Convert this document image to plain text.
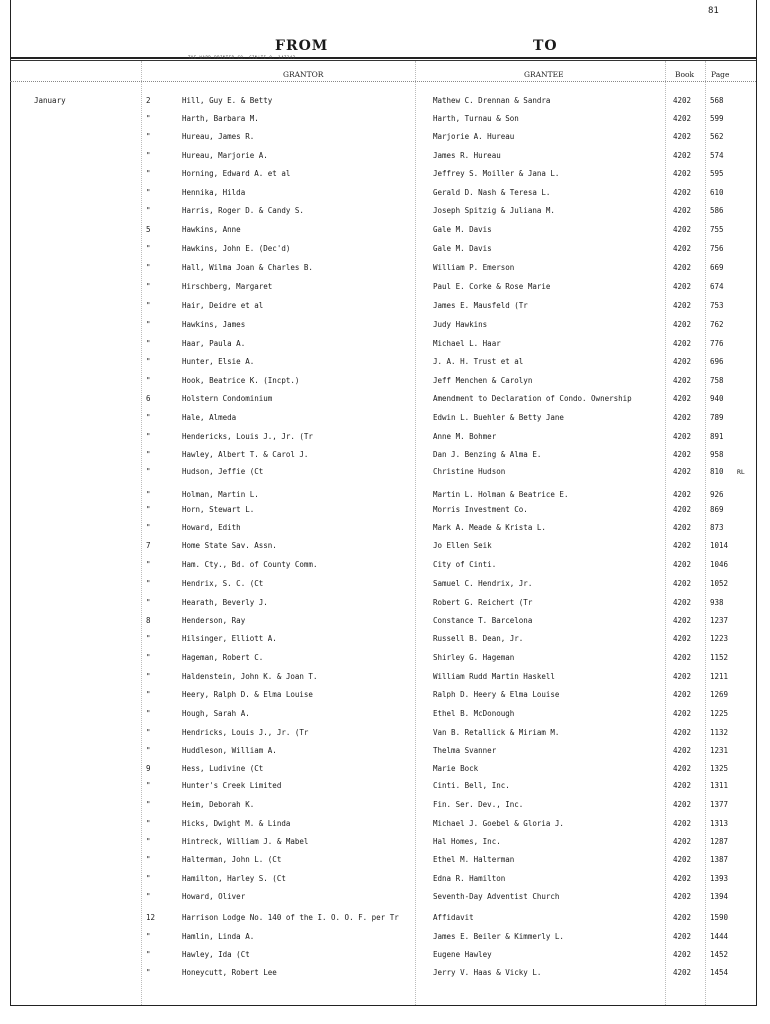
81
FROM	TO
THE WARD PRINTER CO. CIN'TI O. 147342
GRANTOR	GRANTEE	Book Page
January	2	Hill, Guy E. & Betty	Mathew C. Drennan & Sandra	4202	568
"	Harth, Barbara M.	Harth, Turnau & Son	4202	599
"	Hureau, James R.	Marjorie A. Hureau	4202	562
"	Hureau, Marjorie A.	James R. Hureau	4202	574
"	Horning, Edward A. et al	Jeffrey S. Moiller & Jana L.	4202	595
"	Hennika, Hilda	Gerald D. Nash & Teresa L.	4202	610
"	Harris, Roger D. & Candy S.	Joseph Spitzig & Juliana M.	4202	586
5	Hawkins, Anne	Gale M. Davis	4202	755
"	Hawkins, John E. (Dec'd)	Gale M. Davis	4202	756
"	Hall, Wilma Joan & Charles B.	William P. Emerson	4202	669
"	Hirschberg, Margaret	Paul E. Corke & Rose Marie	4202	674
"	Hair, Deidre et al	James E. Mausfeld (Tr	4202	753
"	Hawkins, James	Judy Hawkins	4202	762
"	Haar, Paula A.	Michael L. Haar	4202	776
"	Hunter, Elsie A.	J. A. H. Trust et al	4202	696
"	Hook, Beatrice K. (Incpt.)	Jeff Menchen & Carolyn	4202	758
6	Holstern Condominium	Amendment to Declaration of Condo. Ownership	4202	940
"	Hale, Almeda	Edwin L. Buehler & Betty Jane	4202	789
"	Hendericks, Louis J., Jr. (Tr	Anne M. Bohmer	4202	891
"	Hawley, Albert T. & Carol J.	Dan J. Benzing & Alma E.	4202	958
"	Hudson, Jeffie (Ct	Christine Hudson	4202	810 RL
"	Holman, Martin L.	Martin L. Holman & Beatrice E.	4202	926
"	Horn, Stewart L.	Morris Investment Co.	4202	869
"	Howard, Edith	Mark A. Meade & Krista L.	4202	873
7	Home State Sav. Assn.	Jo Ellen Seik	4202	1014
"	Ham. Cty., Bd. of County Comm.	City of Cinti.	4202	1046
"	Hendrix, S. C. (Ct	Samuel C. Hendrix, Jr.	4202	1052
"	Hearath, Beverly J.	Robert G. Reichert (Tr	4202	938
8	Henderson, Ray	Constance T. Barcelona	4202	1237
"	Hilsinger, Elliott A.	Russell B. Dean, Jr.	4202	1223
"	Hageman, Robert C.	Shirley G. Hageman	4202	1152
"	Haldenstein, John K. & Joan T.	William Rudd Martin Haskell	4202	1211
"	Heery, Ralph D. & Elma Louise	Ralph D. Heery & Elma Louise	4202	1269
"	Hough, Sarah A.	Ethel B. McDonough	4202	1225
"	Hendricks, Louis J., Jr. (Tr	Van B. Retallick & Miriam M.	4202	1132
"	Huddleson, William A.	Thelma Svanner	4202	1231
9	Hess, Ludivine (Ct	Marie Bock	4202	1325
"	Hunter's Creek Limited	Cinti. Bell, Inc.	4202	1311
"	Heim, Deborah K.	Fin. Ser. Dev., Inc.	4202	1377
"	Hicks, Dwight M. & Linda	Michael J. Goebel & Gloria J.	4202	1313
"	Hintreck, William J. & Mabel	Hal Homes, Inc.	4202	1287
"	Halterman, John L. (Ct	Ethel M. Halterman	4202	1387
"	Hamilton, Harley S. (Ct	Edna R. Hamilton	4202	1393
"	Howard, Oliver	Seventh-Day Adventist Church	4202	1394
12	Harrison Lodge No. 140 of the I. O. O. F. per Tr	Affidavit	4202	1590
"	Hamlin, Linda A.	James E. Beiler & Kimmerly L.	4202	1444
"	Hawley, Ida (Ct	Eugene Hawley	4202	1452
"	Honeycutt, Robert Lee	Jerry V. Haas & Vicky L.	4202	1454
